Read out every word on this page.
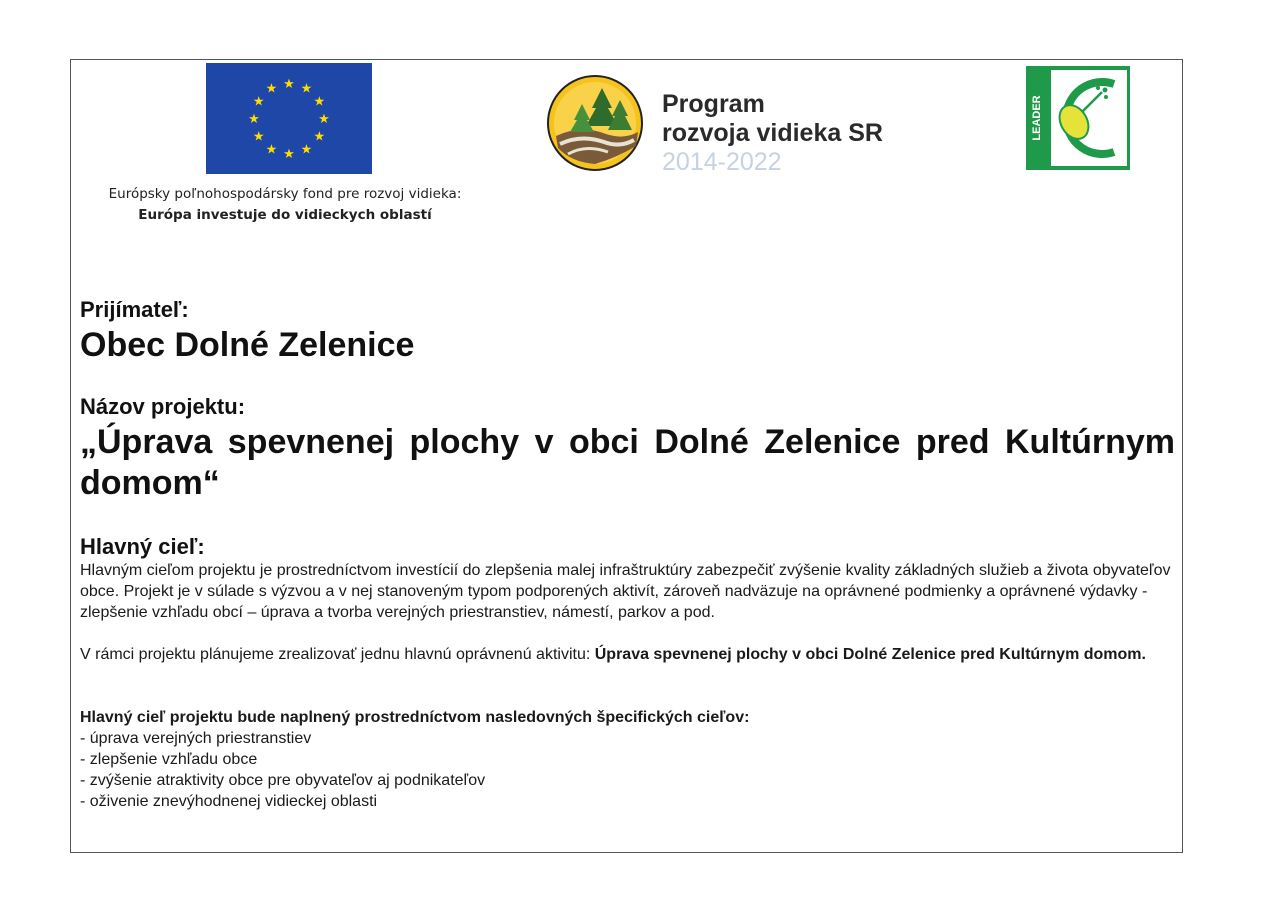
★ ★
★
★
★
★
★
★
★
★
★
★
Európsky poľnohospodársky fond pre rozvoj vidieka:
Európa investuje do vidieckych oblastí
Program
rozvoja vidieka SR
2014-2022
LEADER
Prijímateľ:
Obec Dolné Zelenice
Názov projektu:
„Úprava spevnenej plochy v obci Dolné Zelenice pred Kultúrnym domom“
Hlavný cieľ:
Hlavným cieľom projektu je prostredníctvom investícií do zlepšenia malej infraštruktúry zabezpečiť zvýšenie kvality základných služieb a života obyvateľov obce. Projekt je v súlade s výzvou a v nej stanoveným typom podporených aktivít, zároveň nadväzuje na oprávnené podmienky a oprávnené výdavky - zlepšenie vzhľadu obcí – úprava a tvorba verejných priestranstiev, námestí, parkov a pod.
V rámci projektu plánujeme zrealizovať jednu hlavnú oprávnenú aktivitu: Úprava spevnenej plochy v obci Dolné Zelenice pred Kultúrnym domom.
Hlavný cieľ projektu bude naplnený prostredníctvom nasledovných špecifických cieľov:
- úprava verejných priestranstiev
- zlepšenie vzhľadu obce
- zvýšenie atraktivity obce pre obyvateľov aj podnikateľov
- oživenie znevýhodnenej vidieckej oblasti
